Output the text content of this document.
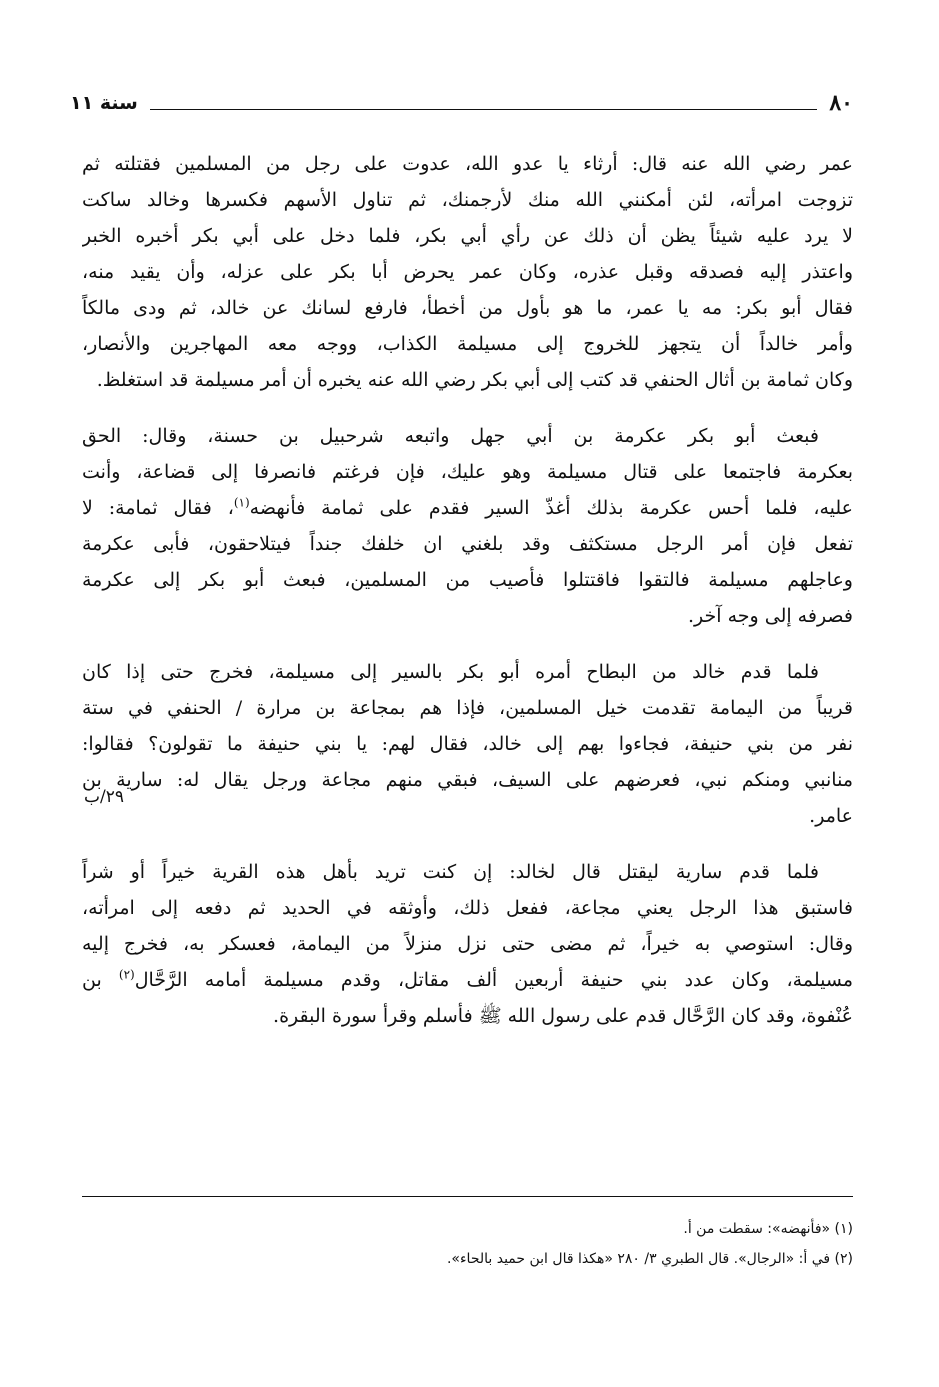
٨٠
سنة ١١
عمر رضي الله عنه قال: أرثاء يا عدو الله، عدوت على رجل من المسلمين فقتلته ثم
تزوجت امرأته، لئن أمكنني الله منك لأرجمنك، ثم تناول الأسهم فكسرها وخالد ساكت
لا يرد عليه شيئاً يظن أن ذلك عن رأي أبي بكر، فلما دخل على أبي بكر أخبره الخبر
واعتذر إليه فصدقه وقبل عذره، وكان عمر يحرض أبا بكر على عزله، وأن يقيد منه،
فقال أبو بكر: مه يا عمر، ما هو بأول من أخطأ، فارفع لسانك عن خالد، ثم ودى مالكاً
وأمر خالداً أن يتجهز للخروج إلى مسيلمة الكذاب، ووجه معه المهاجرين والأنصار،
وكان ثمامة بن أثال الحنفي قد كتب إلى أبي بكر رضي الله عنه يخبره أن أمر مسيلمة قد استغلظ.
فبعث أبو بكر عكرمة بن أبي جهل واتبعه شرحبيل بن حسنة، وقال: الحق
بعكرمة فاجتمعا على قتال مسيلمة وهو عليك، فإن فرغتم فانصرفا إلى قضاعة، وأنت
عليه، فلما أحس عكرمة بذلك أغذّ السير فقدم على ثمامة فأنهضه$^{(١)}$، فقال ثمامة: لا
تفعل فإن أمر الرجل مستكثف وقد بلغني ان خلفك جنداً فيتلاحقون، فأبى عكرمة
وعاجلهم مسيلمة فالتقوا فاقتتلوا فأصيب من المسلمين، فبعث أبو بكر إلى عكرمة
فصرفه إلى وجه آخر.
فلما قدم خالد من البطاح أمره أبو بكر بالسير إلى مسيلمة، فخرج حتى إذا كان
قريباً من اليمامة تقدمت خيل المسلمين، فإذا هم بمجاعة بن مرارة / الحنفي في ستة
نفر من بني حنيفة، فجاءوا بهم إلى خالد، فقال لهم: يا بني حنيفة ما تقولون؟ فقالوا:
منانبي ومنكم نبي، فعرضهم على السيف، فبقي منهم مجاعة ورجل يقال له: سارية بن
عامر.
فلما قدم سارية ليقتل قال لخالد: إن كنت تريد بأهل هذه القرية خيراً أو شراً
فاستبق هذا الرجل يعني مجاعة، ففعل ذلك، وأوثقه في الحديد ثم دفعه إلى امرأته،
وقال: استوصي به خيراً، ثم مضى حتى نزل منزلاً من اليمامة، فعسكر به، فخرج إليه
مسيلمة، وكان عدد بني حنيفة أربعين ألف مقاتل، وقدم مسيلمة أمامه الرَّحَّال$^{(٢)}$ بن
عُنْفوة، وقد كان الرَّحَّال قدم على رسول الله ﷺ فأسلم وقرأ سورة البقرة.
٢٩/ب
(١) «فأنهضه»: سقطت من أ.
(٢) في أ: «الرجال». قال الطبري ٣/ ٢٨٠ «هكذا قال ابن حميد بالحاء».
